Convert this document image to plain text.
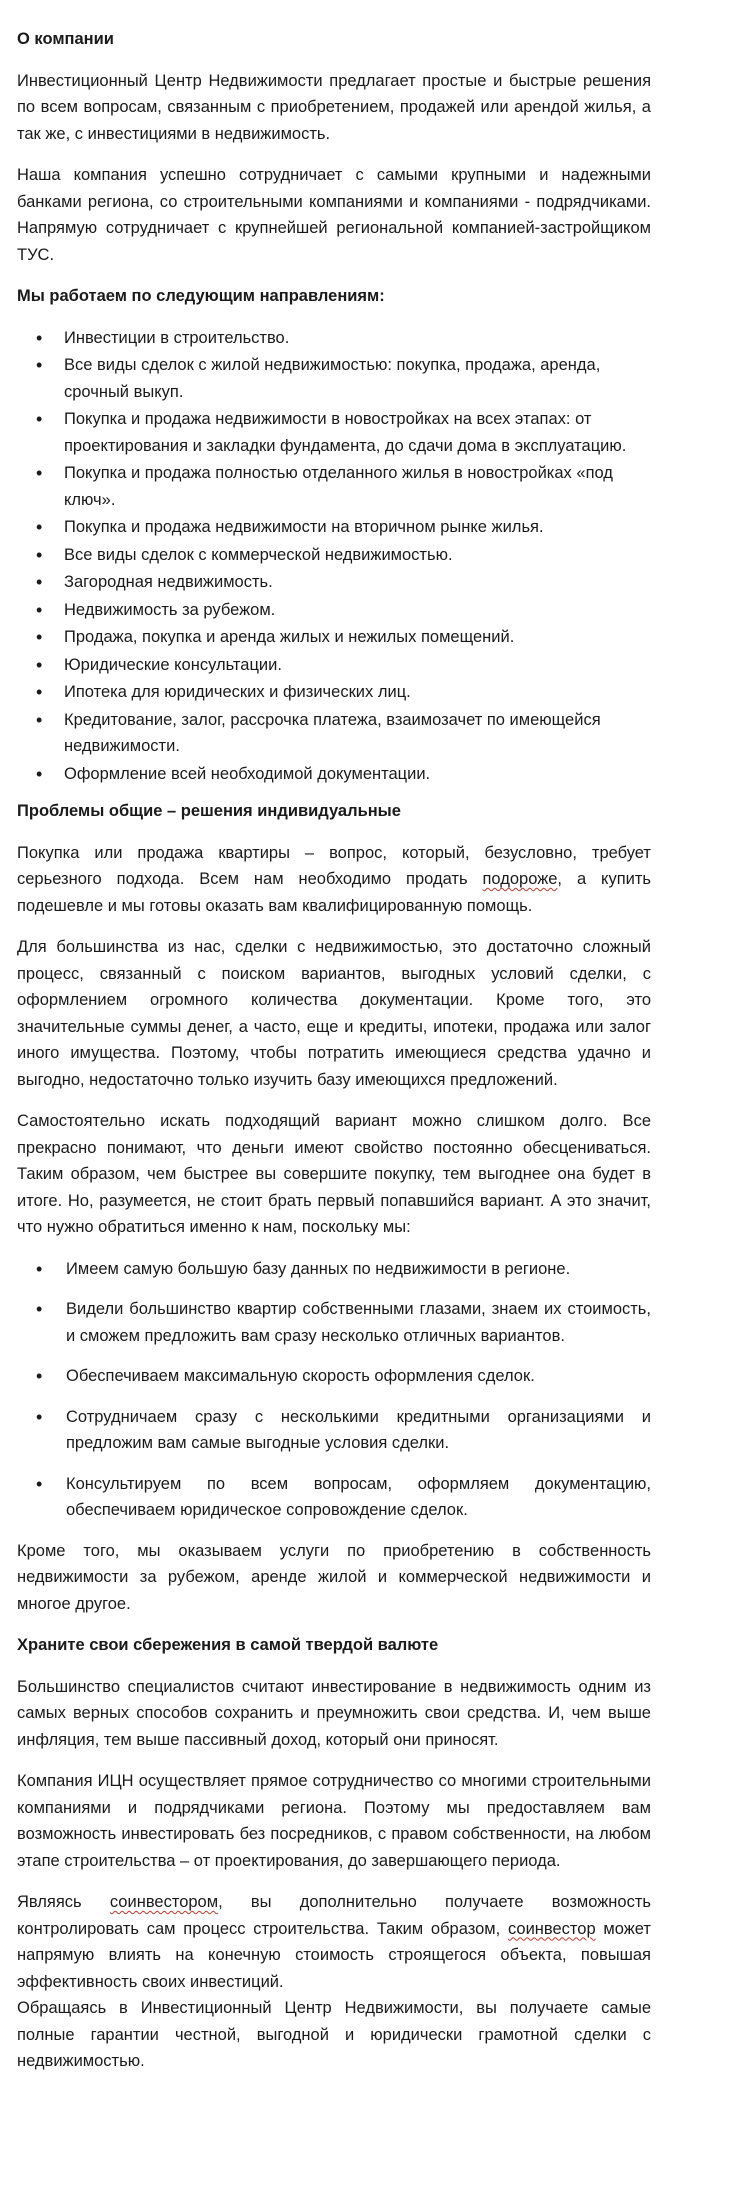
О компании

Инвестиционный Центр Недвижимости предлагает простые и быстрые решения по всем вопросам, связанным с приобретением, продажей или арендой жилья, а так же, с инвестициями в недвижимость.

Наша компания успешно сотрудничает с самыми крупными и надежными банками региона, со строительными компаниями и компаниями - подрядчиками. Напрямую сотрудничает с крупнейшей региональной компанией-застройщиком ТУС.

Мы работаем по следующим направлениям:
• Инвестиции в строительство.
• Все виды сделок с жилой недвижимостью: покупка, продажа, аренда, срочный выкуп.
• Покупка и продажа недвижимости в новостройках на всех этапах: от проектирования и закладки фундамента, до сдачи дома в эксплуатацию.
• Покупка и продажа полностью отделанного жилья в новостройках «под ключ».
• Покупка и продажа недвижимости на вторичном рынке жилья.
• Все виды сделок с коммерческой недвижимостью.
• Загородная недвижимость.
• Недвижимость за рубежом.
• Продажа, покупка и аренда жилых и нежилых помещений.
• Юридические консультации.
• Ипотека для юридических и физических лиц.
• Кредитование, залог, рассрочка платежа, взаимозачет по имеющейся недвижимости.
• Оформление всей необходимой документации.
Проблемы общие – решения индивидуальные

Покупка или продажа квартиры – вопрос, который, безусловно, требует серьезного подхода. Всем нам необходимо продать подороже, а купить подешевле и мы готовы оказать вам квалифицированную помощь.

Для большинства из нас, сделки с недвижимостью, это достаточно сложный процесс, связанный с поиском вариантов, выгодных условий сделки, с оформлением огромного количества документации. Кроме того, это значительные суммы денег, а часто, еще и кредиты, ипотеки, продажа или залог иного имущества. Поэтому, чтобы потратить имеющиеся средства удачно и выгодно, недостаточно только изучить базу имеющихся предложений.

Самостоятельно искать подходящий вариант можно слишком долго. Все прекрасно понимают, что деньги имеют свойство постоянно обесцениваться. Таким образом, чем быстрее вы совершите покупку, тем выгоднее она будет в итоге. Но, разумеется, не стоит брать первый попавшийся вариант. А это значит, что нужно обратиться именно к нам, поскольку мы:

• Имеем самую большую базу данных по недвижимости в регионе.
• Видели большинство квартир собственными глазами, знаем их стоимость, и сможем предложить вам сразу несколько отличных вариантов.
• Обеспечиваем максимальную скорость оформления сделок.
• Сотрудничаем сразу с несколькими кредитными организациями и предложим вам самые выгодные условия сделки.
• Консультируем по всем вопросам, оформляем документацию, обеспечиваем юридическое сопровождение сделок.

Кроме того, мы оказываем услуги по приобретению в собственность недвижимости за рубежом, аренде жилой и коммерческой недвижимости и многое другое.

Храните свои сбережения в самой твердой валюте

Большинство специалистов считают инвестирование в недвижимость одним из самых верных способов сохранить и преумножить свои средства. И, чем выше инфляция, тем выше пассивный доход, который они приносят.

Компания ИЦН осуществляет прямое сотрудничество со многими строительными компаниями и подрядчиками региона. Поэтому мы предоставляем вам возможность инвестировать без посредников, с правом собственности, на любом этапе строительства – от проектирования, до завершающего периода.

Являясь соинвестором, вы дополнительно получаете возможность контролировать сам процесс строительства. Таким образом, соинвестор может напрямую влиять на конечную стоимость строящегося объекта, повышая эффективность своих инвестиций.

Обращаясь в Инвестиционный Центр Недвижимости, вы получаете самые полные гарантии честной, выгодной и юридически грамотной сделки с недвижимостью.
